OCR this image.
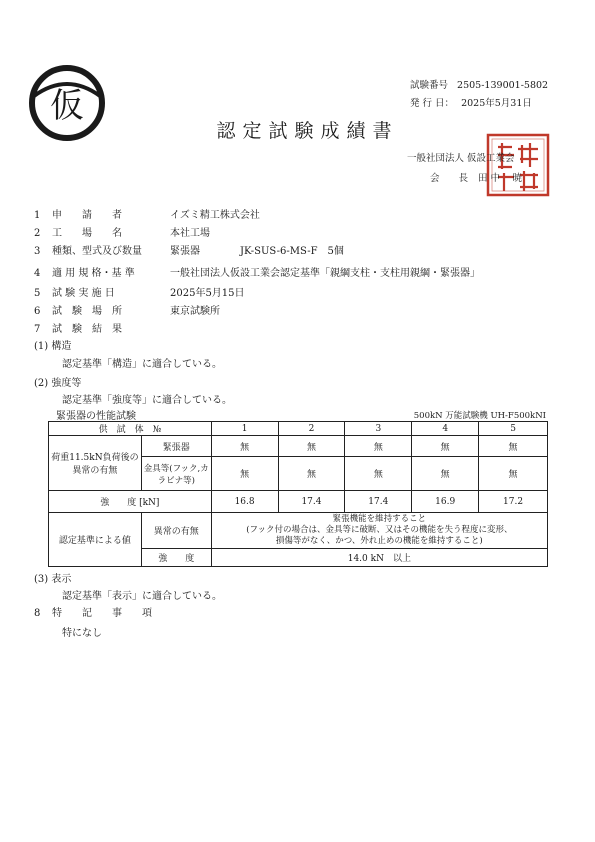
仮
試験番号 2505-139001-5802
発 行 日： 2025年5月31日
認定試験成績書
一般社団法人 仮設工業会
会　　長 田 中　 暁
1 申　　請　　者	イズミ精工株式会社
2 工　　場　　名	本社工場
3 種類、型式及び数量	緊張器　　　　JK-SUS-6-MS-F　5個
4 適 用 規 格・基 準	一般社団法人仮設工業会認定基準「親綱支柱・支柱用親綱・緊張器」
5 試 験 実 施 日	2025年5月15日
6 試　験　場　所	東京試験所
7 試　験　結　果
(1) 構造
認定基準「構造」に適合している。
(2) 強度等
認定基準「強度等」に適合している。
緊張器の性能試験	500kN 万能試験機 UH-F500kNI
供　試　体　№		1	2	3	4	5
荷重11.5kN負荷後の異常の有無	緊張器	無	無	無	無	無
	金具等(フック,カラビナ等)	無	無	無	無	無
強　　度 [kN]		16.8	17.4	17.4	16.9	17.2
認定基準による値	異常の有無	緊張機能を維持すること
(フック付の場合は、金具等に破断、又はその機能を失う程度に変形、
損傷等がなく、かつ、外れ止めの機能を維持すること)				

	強　　度	14.0 kN　以上				
(3) 表示
認定基準「表示」に適合している。
8 特　　記　　事　　項
特になし
